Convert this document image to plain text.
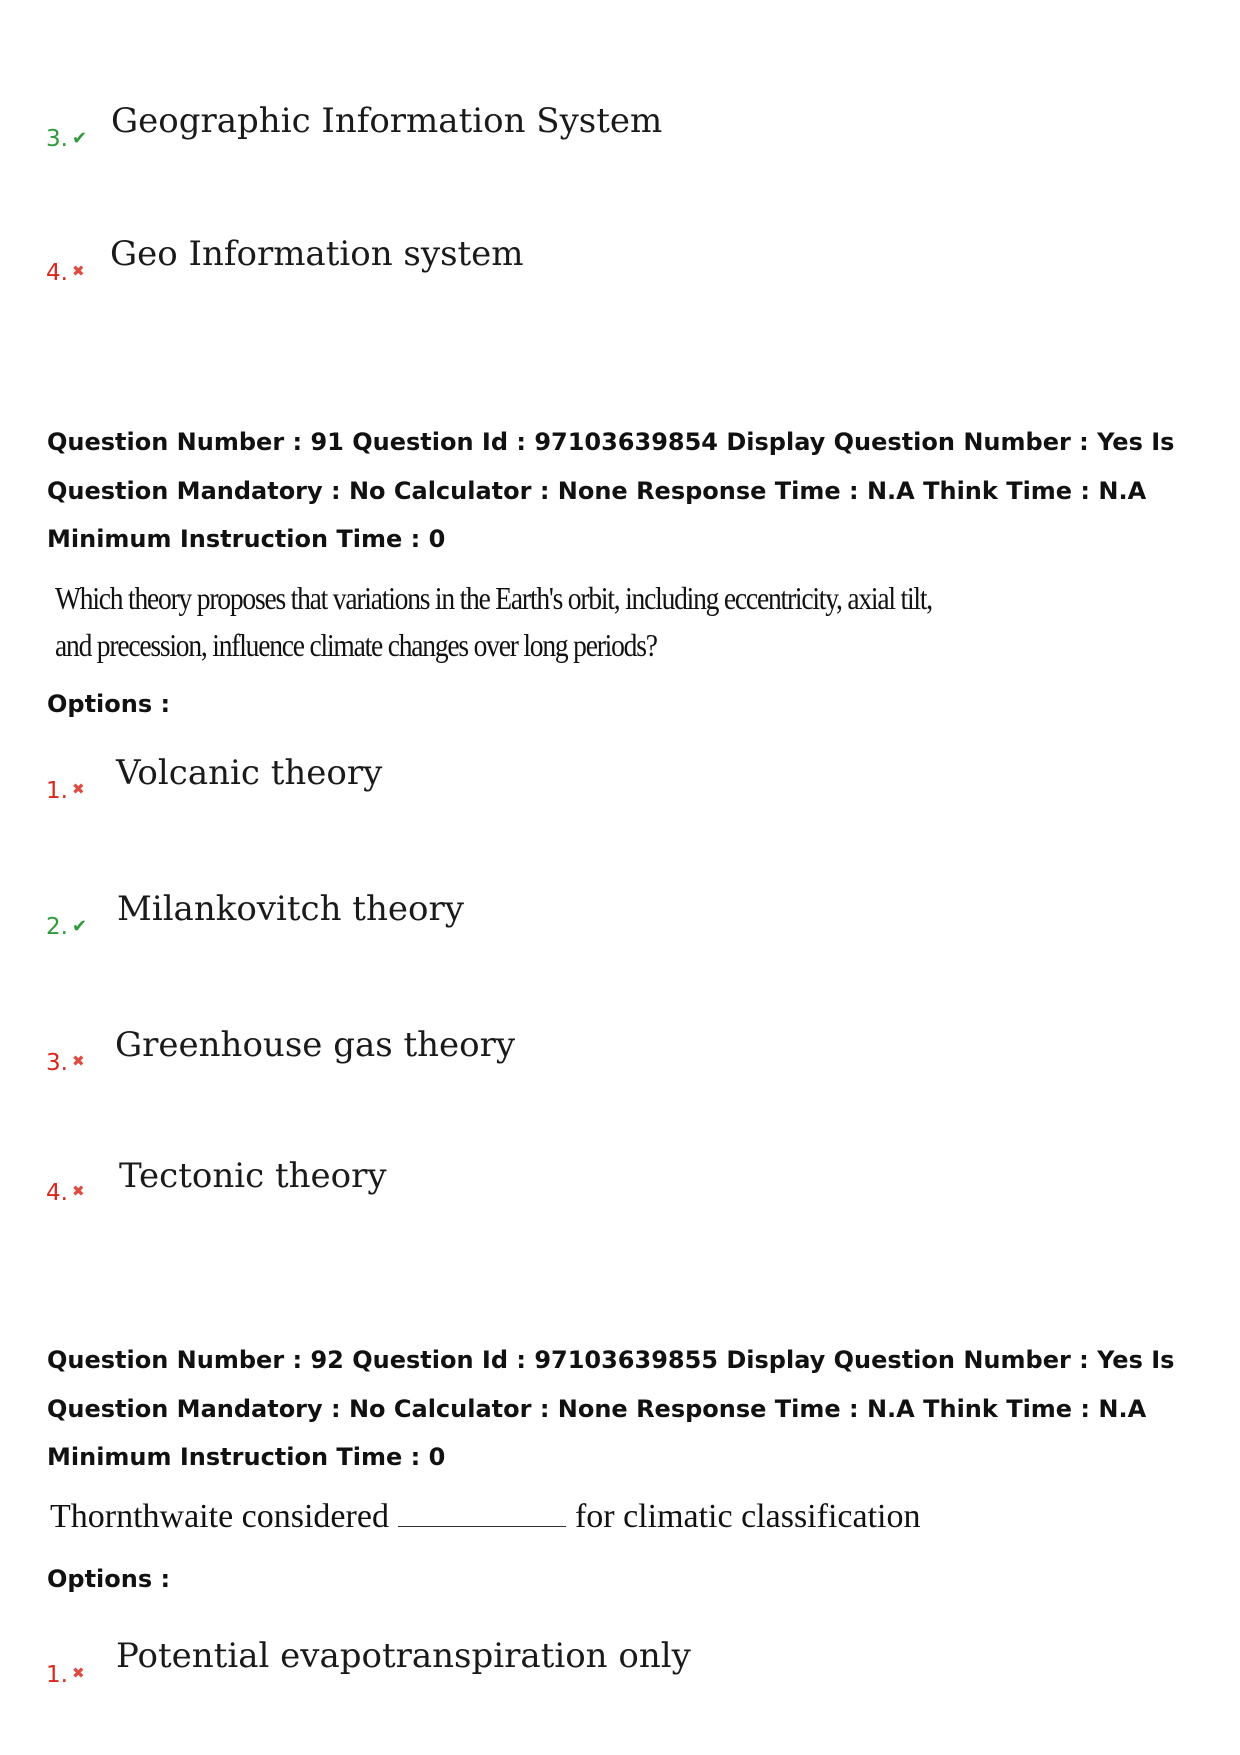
3. ✔ Geographic Information System
4. ✖ Geo Information system
Question Number : 91 Question Id : 97103639854 Display Question Number : Yes Is Question Mandatory : No Calculator : None Response Time : N.A Think Time : N.A Minimum Instruction Time : 0
Which theory proposes that variations in the Earth's orbit, including eccentricity, axial tilt,
and precession, influence climate changes over long periods?
Options :
1. ✖ Volcanic theory
2. ✔ Milankovitch theory
3. ✖ Greenhouse gas theory
4. ✖ Tectonic theory
Question Number : 92 Question Id : 97103639855 Display Question Number : Yes Is Question Mandatory : No Calculator : None Response Time : N.A Think Time : N.A Minimum Instruction Time : 0
Thornthwaite considered	for climatic classification
Options :
1. ✖ Potential evapotranspiration only
